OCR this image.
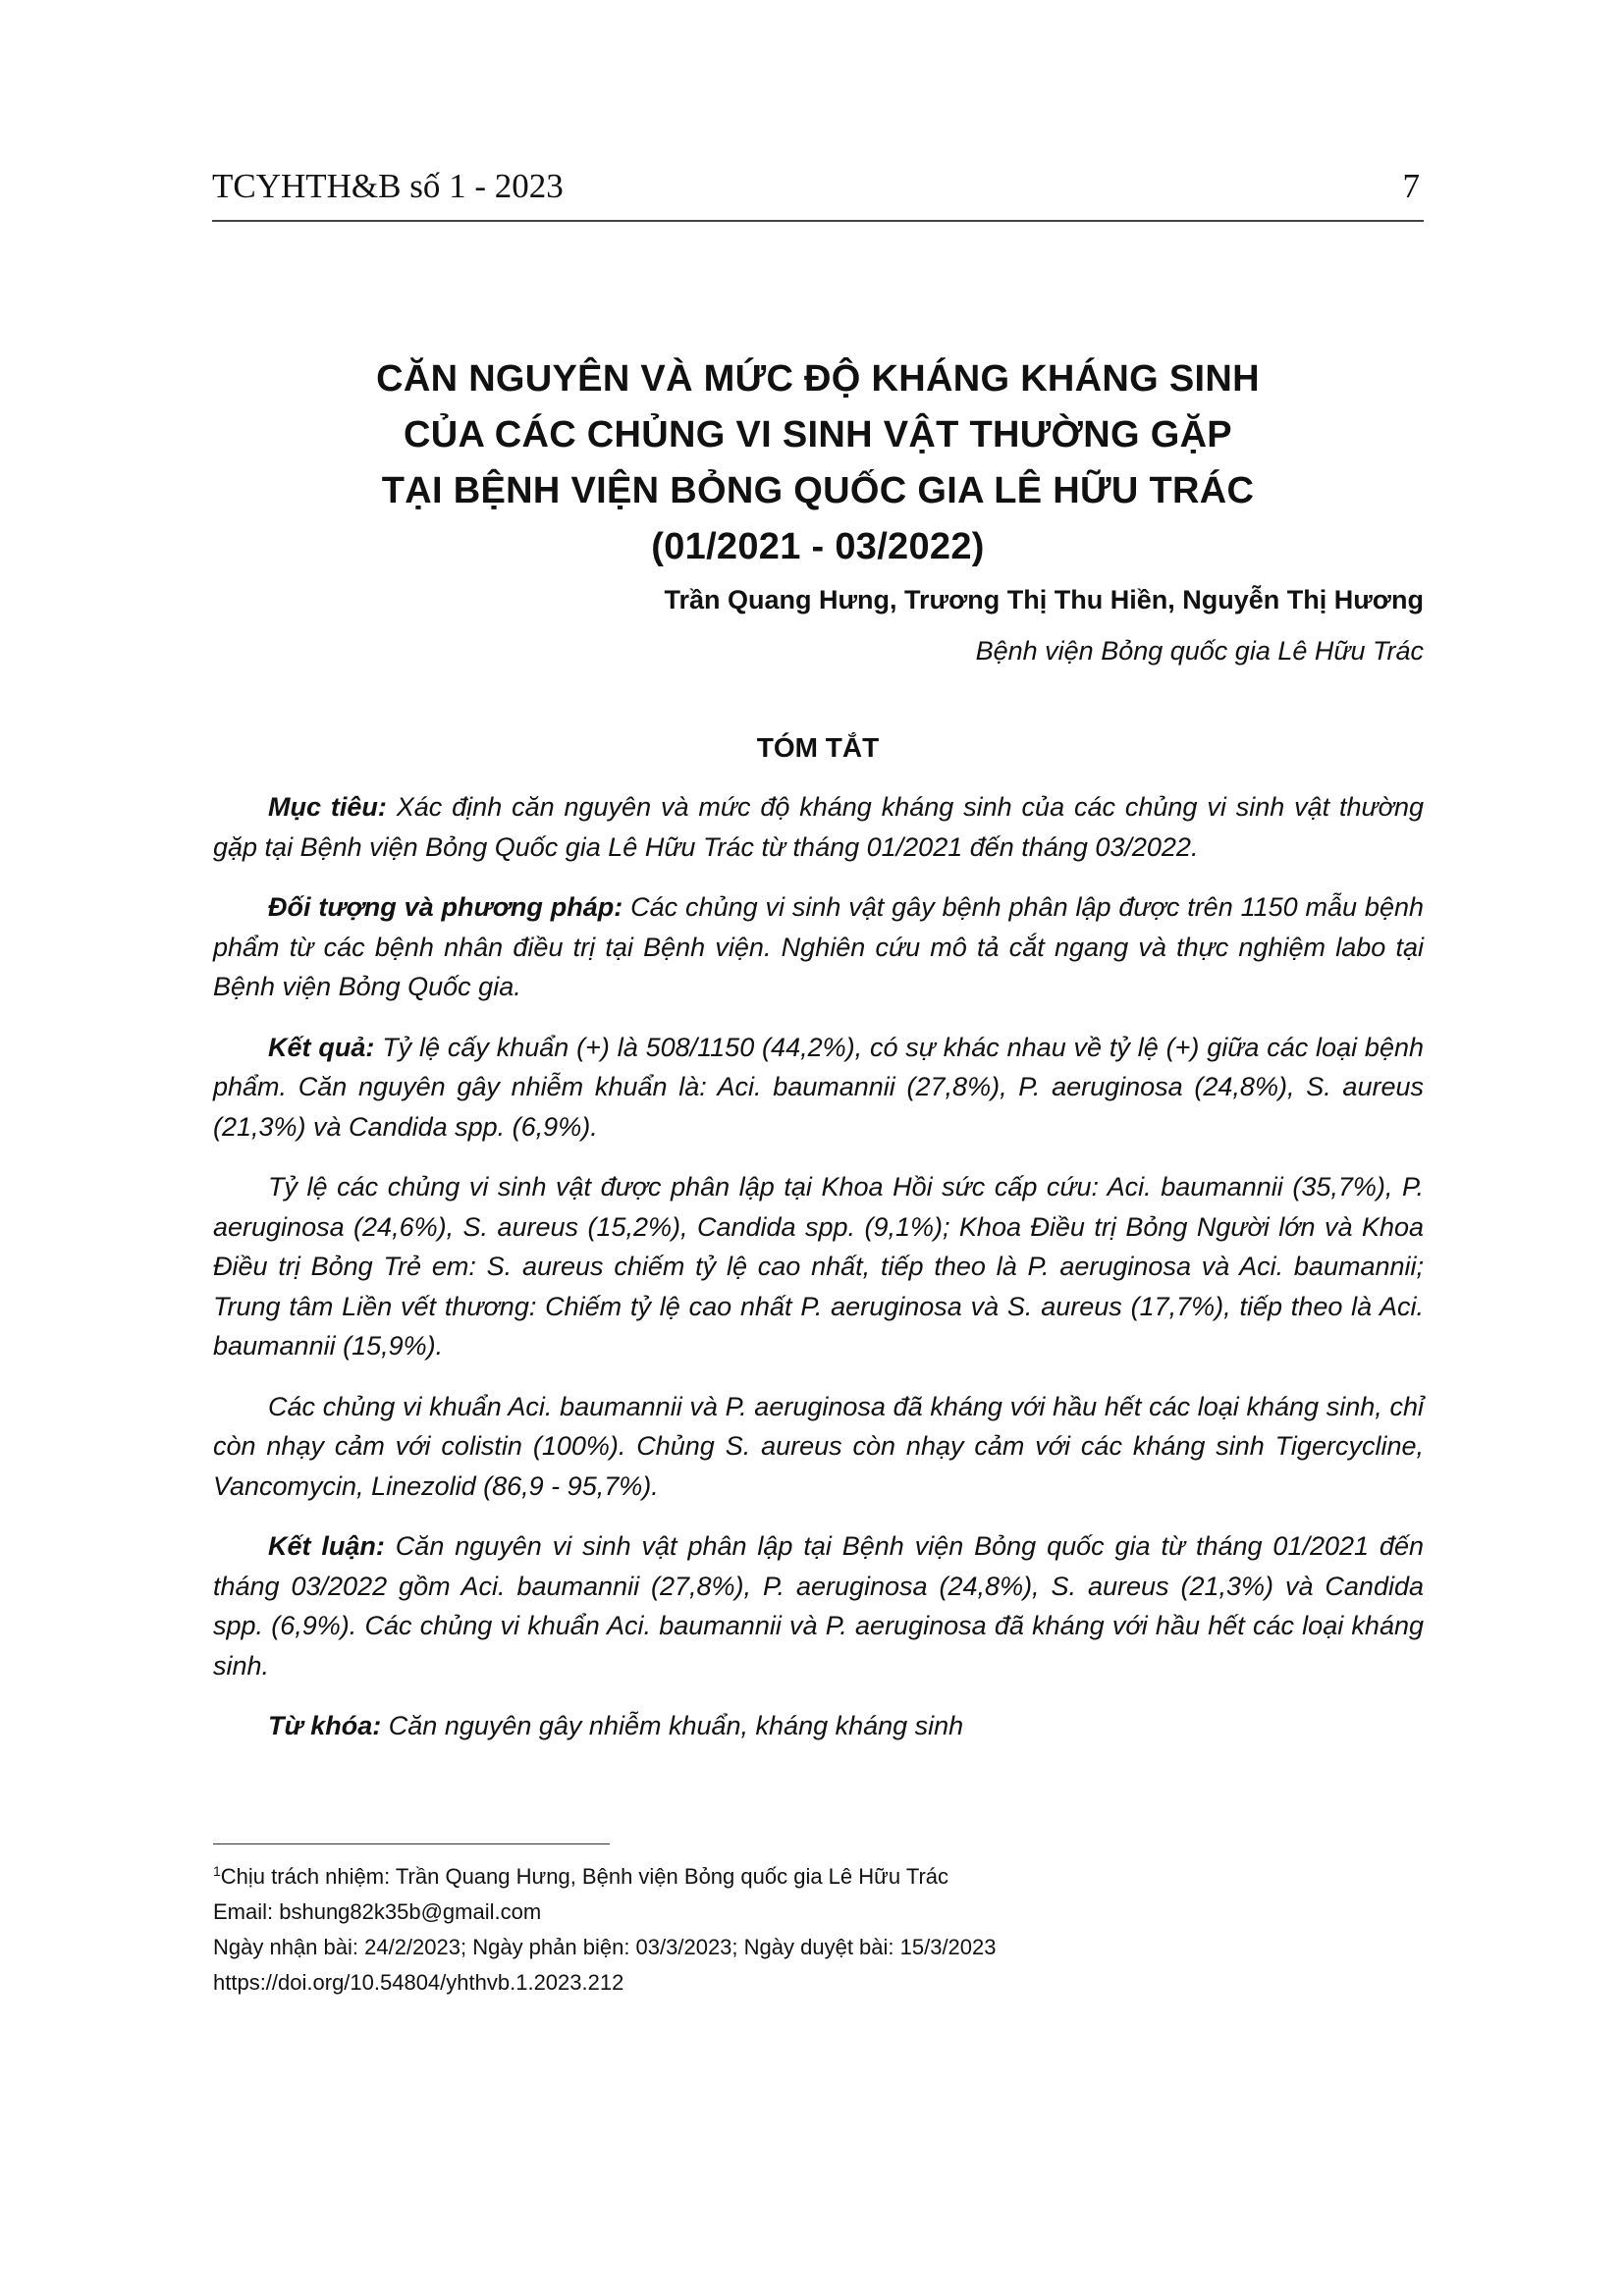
TCYHTH&B số 1 - 2023	7
CĂN NGUYÊN VÀ MỨC ĐỘ KHÁNG KHÁNG SINH
CỦA CÁC CHỦNG VI SINH VẬT THƯỜNG GẶP
TẠI BỆNH VIỆN BỎNG QUỐC GIA LÊ HỮU TRÁC
(01/2021 - 03/2022)
Trần Quang Hưng, Trương Thị Thu Hiền, Nguyễn Thị Hương
Bệnh viện Bỏng quốc gia Lê Hữu Trác
TÓM TẮT

Mục tiêu: Xác định căn nguyên và mức độ kháng kháng sinh của các chủng vi sinh vật thường gặp tại Bệnh viện Bỏng Quốc gia Lê Hữu Trác từ tháng 01/2021 đến tháng 03/2022.

Đối tượng và phương pháp: Các chủng vi sinh vật gây bệnh phân lập được trên 1150 mẫu bệnh phẩm từ các bệnh nhân điều trị tại Bệnh viện. Nghiên cứu mô tả cắt ngang và thực nghiệm labo tại Bệnh viện Bỏng Quốc gia.

Kết quả: Tỷ lệ cấy khuẩn (+) là 508/1150 (44,2%), có sự khác nhau về tỷ lệ (+) giữa các loại bệnh phẩm. Căn nguyên gây nhiễm khuẩn là: Aci. baumannii (27,8%), P. aeruginosa (24,8%), S. aureus (21,3%) và Candida spp. (6,9%).

Tỷ lệ các chủng vi sinh vật được phân lập tại Khoa Hồi sức cấp cứu: Aci. baumannii (35,7%), P. aeruginosa (24,6%), S. aureus (15,2%), Candida spp. (9,1%); Khoa Điều trị Bỏng Người lớn và Khoa Điều trị Bỏng Trẻ em: S. aureus chiếm tỷ lệ cao nhất, tiếp theo là P. aeruginosa và Aci. baumannii; Trung tâm Liền vết thương: Chiếm tỷ lệ cao nhất P. aeruginosa và S. aureus (17,7%), tiếp theo là Aci. baumannii (15,9%).

Các chủng vi khuẩn Aci. baumannii và P. aeruginosa đã kháng với hầu hết các loại kháng sinh, chỉ còn nhạy cảm với colistin (100%). Chủng S. aureus còn nhạy cảm với các kháng sinh Tigercycline, Vancomycin, Linezolid (86,9 - 95,7%).

Kết luận: Căn nguyên vi sinh vật phân lập tại Bệnh viện Bỏng quốc gia từ tháng 01/2021 đến tháng 03/2022 gồm Aci. baumannii (27,8%), P. aeruginosa (24,8%), S. aureus (21,3%) và Candida spp. (6,9%). Các chủng vi khuẩn Aci. baumannii và P. aeruginosa đã kháng với hầu hết các loại kháng sinh.

Từ khóa: Căn nguyên gây nhiễm khuẩn, kháng kháng sinh

$^1$Chịu trách nhiệm: Trần Quang Hưng, Bệnh viện Bỏng quốc gia Lê Hữu Trác
Email: bshung82k35b@gmail.com
Ngày nhận bài: 24/2/2023; Ngày phản biện: 03/3/2023; Ngày duyệt bài: 15/3/2023
https://doi.org/10.54804/yhthvb.1.2023.212
